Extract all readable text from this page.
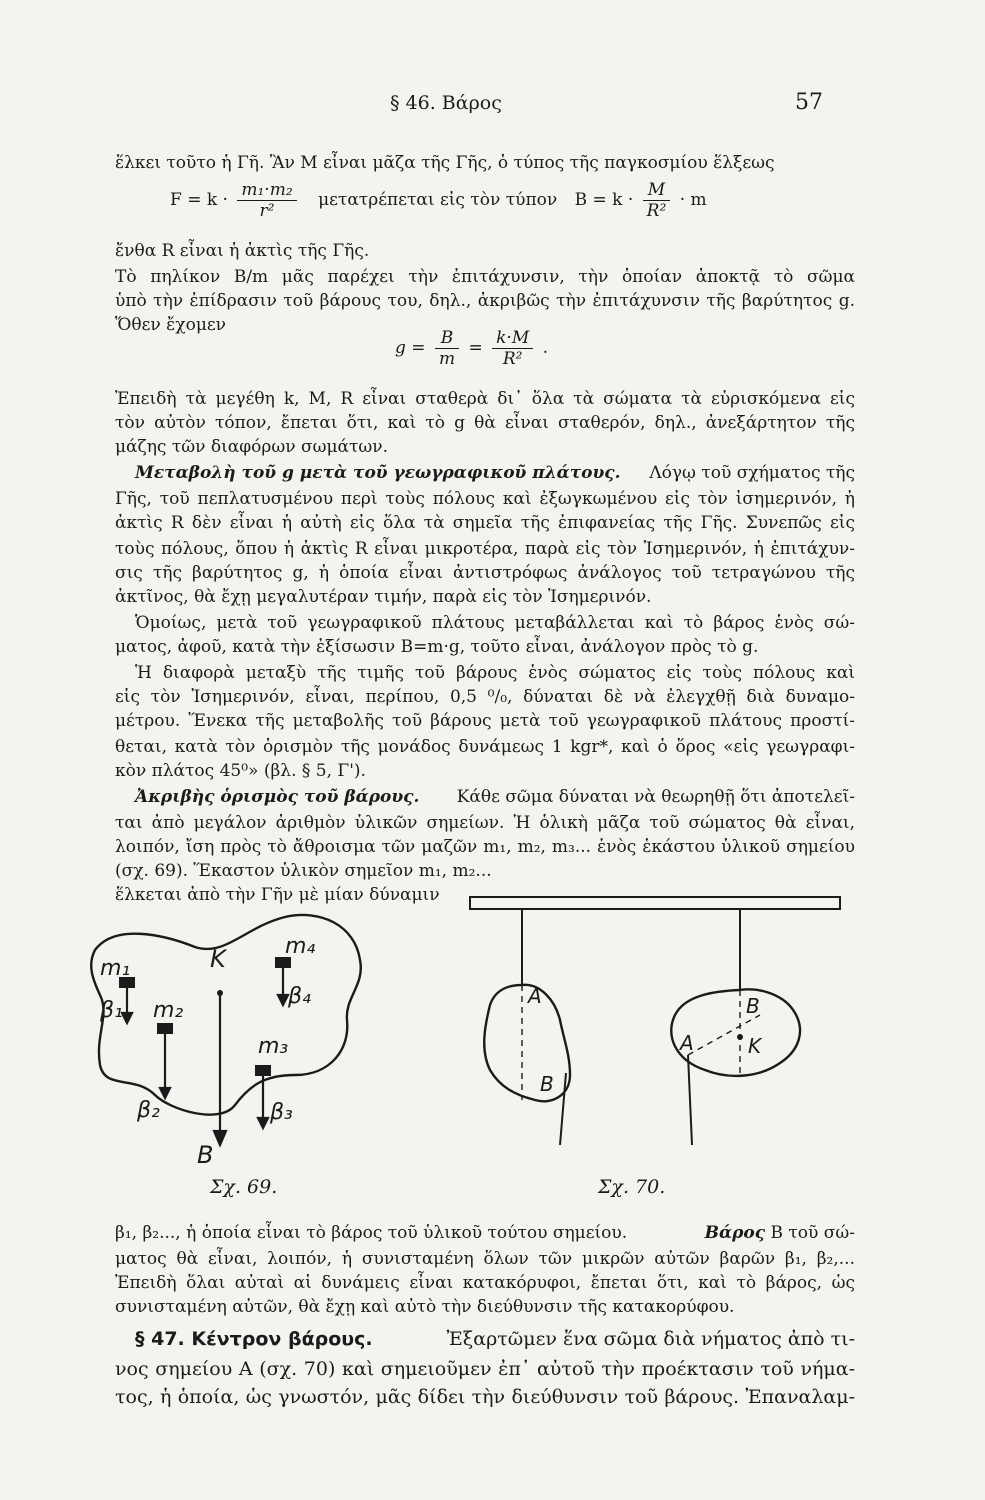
§ 46. Βάρος	57
ἕλκει τοῦτο ἡ Γῆ. Ἂν M εἶναι μᾶζα τῆς Γῆς, ὁ τύπος τῆς παγκοσμίου ἕλξεως
$F = k \cdot \frac{\text{m₁·m₂}}{\text{r²}}$ μετατρέπεται εἰς τὸν τύπον $B = k \cdot \frac{M}{\text{R²}} \cdot m$
ἔνθα R εἶναι ἡ ἀκτὶς τῆς Γῆς.
Τὸ πηλίκον B/m μᾶς παρέχει τὴν ἐπιτάχυνσιν, τὴν ὁποίαν ἀποκτᾷ τὸ σῶμα
ὑπὸ τὴν ἐπίδρασιν τοῦ βάρους του, δηλ., ἀκριβῶς τὴν ἐπιτάχυνσιν τῆς βαρύτητος g.
Ὅθεν ἔχομεν
$g = \frac{B}{m} = \frac{k\cdot M}{\text{R²}}$ .
Ἐπειδὴ τὰ μεγέθη k, M, R εἶναι σταθερὰ δι᾽ ὅλα τὰ σώματα τὰ εὑρισκόμενα εἰς
τὸν αὐτὸν τόπον, ἔπεται ὅτι, καὶ τὸ g θὰ εἶναι σταθερόν, δηλ., ἀνεξάρτητον τῆς
μάζης τῶν διαφόρων σωμάτων.
Μεταβολὴ τοῦ g μετὰ τοῦ γεωγραφικοῦ πλάτους. Λόγῳ τοῦ σχήματος τῆς
Γῆς, τοῦ πεπλατυσμένου περὶ τοὺς πόλους καὶ ἐξωγκωμένου εἰς τὸν ἰσημερινόν, ἡ
ἀκτὶς R δὲν εἶναι ἡ αὐτὴ εἰς ὅλα τὰ σημεῖα τῆς ἐπιφανείας τῆς Γῆς. Συνεπῶς εἰς
τοὺς πόλους, ὅπου ἡ ἀκτὶς R εἶναι μικροτέρα, παρὰ εἰς τὸν Ἰσημερινόν, ἡ ἐπιτάχυν-
σις τῆς βαρύτητος g, ἡ ὁποία εἶναι ἀντιστρόφως ἀνάλογος τοῦ τετραγώνου τῆς
ἀκτῖνος, θὰ ἔχῃ μεγαλυτέραν τιμήν, παρὰ εἰς τὸν Ἰσημερινόν.
Ὁμοίως, μετὰ τοῦ γεωγραφικοῦ πλάτους μεταβάλλεται καὶ τὸ βάρος ἑνὸς σώ-
ματος, ἀφοῦ, κατὰ τὴν ἐξίσωσιν B=m·g, τοῦτο εἶναι, ἀνάλογον πρὸς τὸ g.
Ἡ διαφορὰ μεταξὺ τῆς τιμῆς τοῦ βάρους ἑνὸς σώματος εἰς τοὺς πόλους καὶ
εἰς τὸν Ἰσημερινόν, εἶναι, περίπου, 0,5 ⁰/₀, δύναται δὲ νὰ ἐλεγχθῇ διὰ δυναμο-
μέτρου. Ἕνεκα τῆς μεταβολῆς τοῦ βάρους μετὰ τοῦ γεωγραφικοῦ πλάτους προστί-
θεται, κατὰ τὸν ὁρισμὸν τῆς μονάδος δυνάμεως 1 kgr*, καὶ ὁ ὅρος «εἰς γεωγραφι-
κὸν πλάτος 45⁰» (βλ. § 5, Γ').
Ἀκριβὴς ὁρισμὸς τοῦ βάρους. Κάθε σῶμα δύναται νὰ θεωρηθῇ ὅτι ἀποτελεῖ-
ται ἀπὸ μεγάλον ἀριθμὸν ὑλικῶν σημείων. Ἡ ὁλικὴ μᾶζα τοῦ σώματος θὰ εἶναι,
λοιπόν, ἴση πρὸς τὸ ἄθροισμα τῶν μαζῶν m₁, m₂, m₃... ἑνὸς ἑκάστου ὑλικοῦ σημείου
(σχ. 69). Ἕκαστον ὑλικὸν σημεῖον m₁, m₂...
ἕλκεται ἀπὸ τὴν Γῆν μὲ μίαν δύναμιν
m₁
m₄
K
m₂
m₃
β₁
β₄
β₂	β₃
B
Σχ. 69.
A
B
A
B
K
Σχ. 70.
β₁, β₂..., ἡ ὁποία εἶναι τὸ βάρος τοῦ ὑλικοῦ τούτου σημείου.	Βάρος B τοῦ σώ-
ματος θὰ εἶναι, λοιπόν, ἡ συνισταμένη ὅλων τῶν μικρῶν αὐτῶν βαρῶν β₁, β₂,...
Ἐπειδὴ ὅλαι αὐταὶ αἱ δυνάμεις εἶναι κατακόρυφοι, ἔπεται ὅτι, καὶ τὸ βάρος, ὡς
συνισταμένη αὐτῶν, θὰ ἔχῃ καὶ αὐτὸ τὴν διεύθυνσιν τῆς κατακορύφου.
§ 47. Κέντρον βάρους.	Ἐξαρτῶμεν ἕνα σῶμα διὰ νήματος ἀπὸ τι-
νος σημείου A (σχ. 70) καὶ σημειοῦμεν ἐπ᾽ αὐτοῦ τὴν προέκτασιν τοῦ νήμα-
τος, ἡ ὁποία, ὡς γνωστόν, μᾶς δίδει τὴν διεύθυνσιν τοῦ βάρους. Ἐπαναλαμ-
